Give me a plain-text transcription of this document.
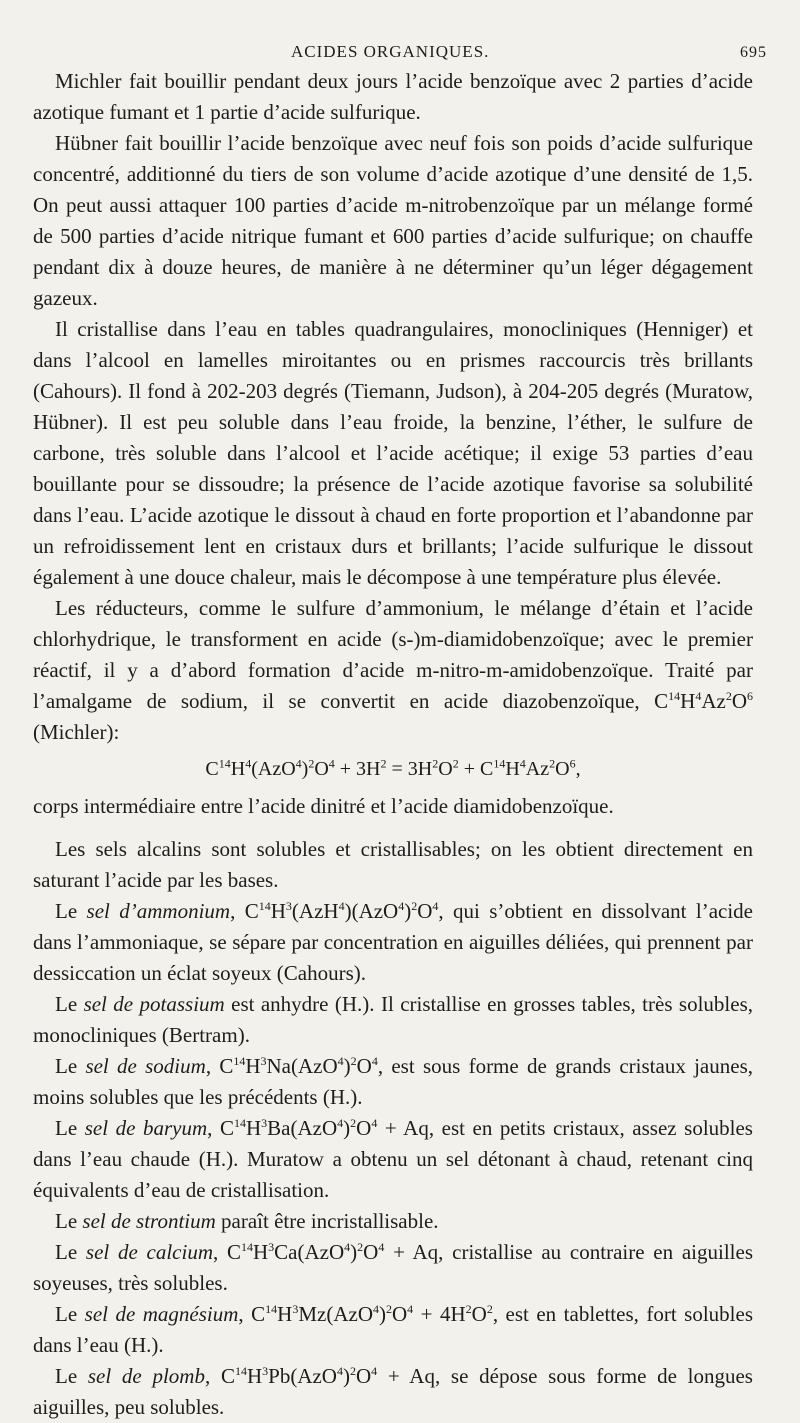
ACIDES ORGANIQUES.	695

Michler fait bouillir pendant deux jours l’acide benzoïque avec 2 parties d’acide azotique fumant et 1 partie d’acide sulfurique.

Hübner fait bouillir l’acide benzoïque avec neuf fois son poids d’acide sulfurique concentré, additionné du tiers de son volume d’acide azotique d’une densité de 1,5. On peut aussi attaquer 100 parties d’acide m-nitrobenzoïque par un mélange formé de 500 parties d’acide nitrique fumant et 600 parties d’acide sulfurique; on chauffe pendant dix à douze heures, de manière à ne déterminer qu’un léger dégagement gazeux.

Il cristallise dans l’eau en tables quadrangulaires, monocliniques (Henniger) et dans l’alcool en lamelles miroitantes ou en prismes raccourcis très brillants (Cahours). Il fond à 202-203 degrés (Tiemann, Judson), à 204-205 degrés (Muratow, Hübner). Il est peu soluble dans l’eau froide, la benzine, l’éther, le sulfure de carbone, très soluble dans l’alcool et l’acide acétique; il exige 53 parties d’eau bouillante pour se dissoudre; la présence de l’acide azotique favorise sa solubilité dans l’eau. L’acide azotique le dissout à chaud en forte proportion et l’abandonne par un refroidissement lent en cristaux durs et brillants; l’acide sulfurique le dissout également à une douce chaleur, mais le décompose à une température plus élevée.

Les réducteurs, comme le sulfure d’ammonium, le mélange d’étain et l’acide chlorhydrique, le transforment en acide (s-)m-diamidobenzoïque; avec le premier réactif, il y a d’abord formation d’acide m-nitro-m-amidobenzoïque. Traité par l’amalgame de sodium, il se convertit en acide diazobenzoïque, $C^{14}H^4Az^2O^6$ (Michler):

$C^{14}H^4(AzO^4)^2O^4 + 3H^2 = 3H^2O^2 + C^{14}H^4Az^2O^6$,

corps intermédiaire entre l’acide dinitré et l’acide diamidobenzoïque.

Les sels alcalins sont solubles et cristallisables; on les obtient directement en saturant l’acide par les bases.

Le sel d’ammonium, $C^{14}H^3(AzH^4)(AzO^4)^2O^4$, qui s’obtient en dissolvant l’acide dans l’ammoniaque, se sépare par concentration en aiguilles déliées, qui prennent par dessiccation un éclat soyeux (Cahours).

Le sel de potassium est anhydre (H.). Il cristallise en grosses tables, très solubles, monocliniques (Bertram).

Le sel de sodium, $C^{14}H^3Na(AzO^4)^2O^4$, est sous forme de grands cristaux jaunes, moins solubles que les précédents (H.).

Le sel de baryum, $C^{14}H^3Ba(AzO^4)^2O^4 + Aq$, est en petits cristaux, assez solubles dans l’eau chaude (H.). Muratow a obtenu un sel détonant à chaud, retenant cinq équivalents d’eau de cristallisation.

Le sel de strontium paraît être incristallisable.

Le sel de calcium, $C^{14}H^3Ca(AzO^4)^2O^4 + Aq$, cristallise au contraire en aiguilles soyeuses, très solubles.

Le sel de magnésium, $C^{14}H^3Mz(AzO^4)^2O^4 + 4H^2O^2$, est en tablettes, fort solubles dans l’eau (H.).

Le sel de plomb, $C^{14}H^3Pb(AzO^4)^2O^4 + Aq$, se dépose sous forme de longues aiguilles, peu solubles.
